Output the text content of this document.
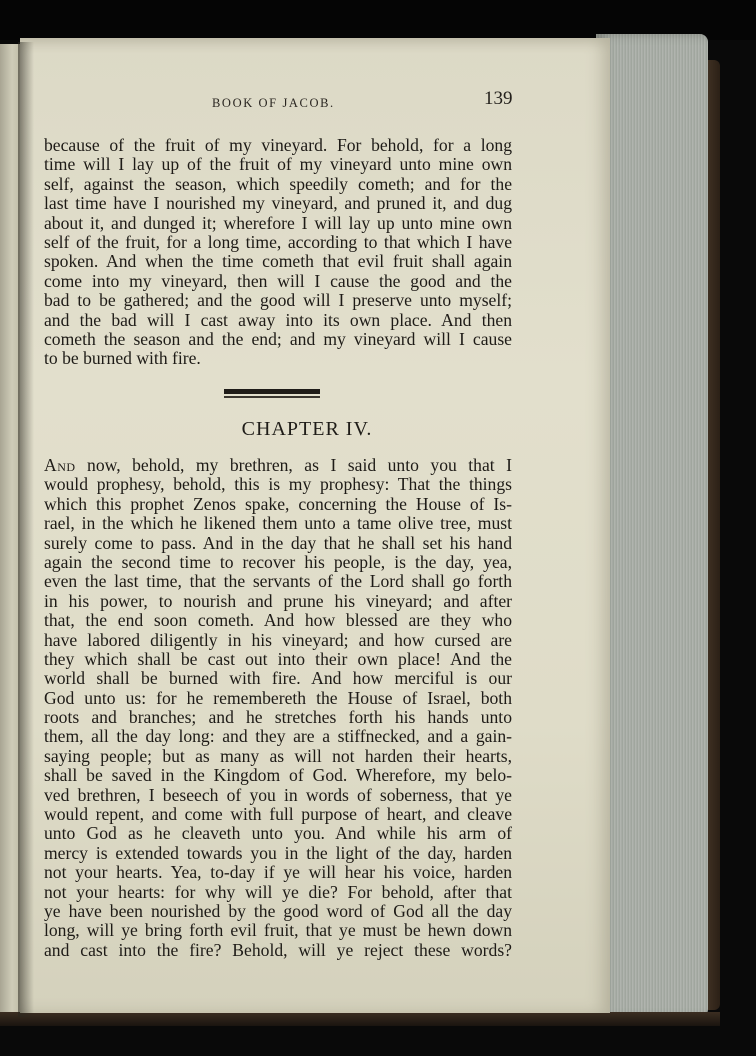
BOOK OF JACOB.	139
because of the fruit of my vineyard. For behold, for a long
time will I lay up of the fruit of my vineyard unto mine own
self, against the season, which speedily cometh; and for the
last time have I nourished my vineyard, and pruned it, and dug
about it, and dunged it; wherefore I will lay up unto mine own
self of the fruit, for a long time, according to that which I have
spoken. And when the time cometh that evil fruit shall again
come into my vineyard, then will I cause the good and the
bad to be gathered; and the good will I preserve unto myself;
and the bad will I cast away into its own place. And then
cometh the season and the end; and my vineyard will I cause
to be burned with fire.
CHAPTER IV.
And now, behold, my brethren, as I said unto you that I
would prophesy, behold, this is my prophesy: That the things
which this prophet Zenos spake, concerning the House of Is-
rael, in the which he likened them unto a tame olive tree, must
surely come to pass. And in the day that he shall set his hand
again the second time to recover his people, is the day, yea,
even the last time, that the servants of the Lord shall go forth
in his power, to nourish and prune his vineyard; and after
that, the end soon cometh. And how blessed are they who
have labored diligently in his vineyard; and how cursed are
they which shall be cast out into their own place! And the
world shall be burned with fire. And how merciful is our
God unto us: for he remembereth the House of Israel, both
roots and branches; and he stretches forth his hands unto
them, all the day long: and they are a stiffnecked, and a gain-
saying people; but as many as will not harden their hearts,
shall be saved in the Kingdom of God. Wherefore, my belo-
ved brethren, I beseech of you in words of soberness, that ye
would repent, and come with full purpose of heart, and cleave
unto God as he cleaveth unto you. And while his arm of
mercy is extended towards you in the light of the day, harden
not your hearts. Yea, to-day if ye will hear his voice, harden
not your hearts: for why will ye die? For behold, after that
ye have been nourished by the good word of God all the day
long, will ye bring forth evil fruit, that ye must be hewn down
and cast into the fire? Behold, will ye reject these words?
